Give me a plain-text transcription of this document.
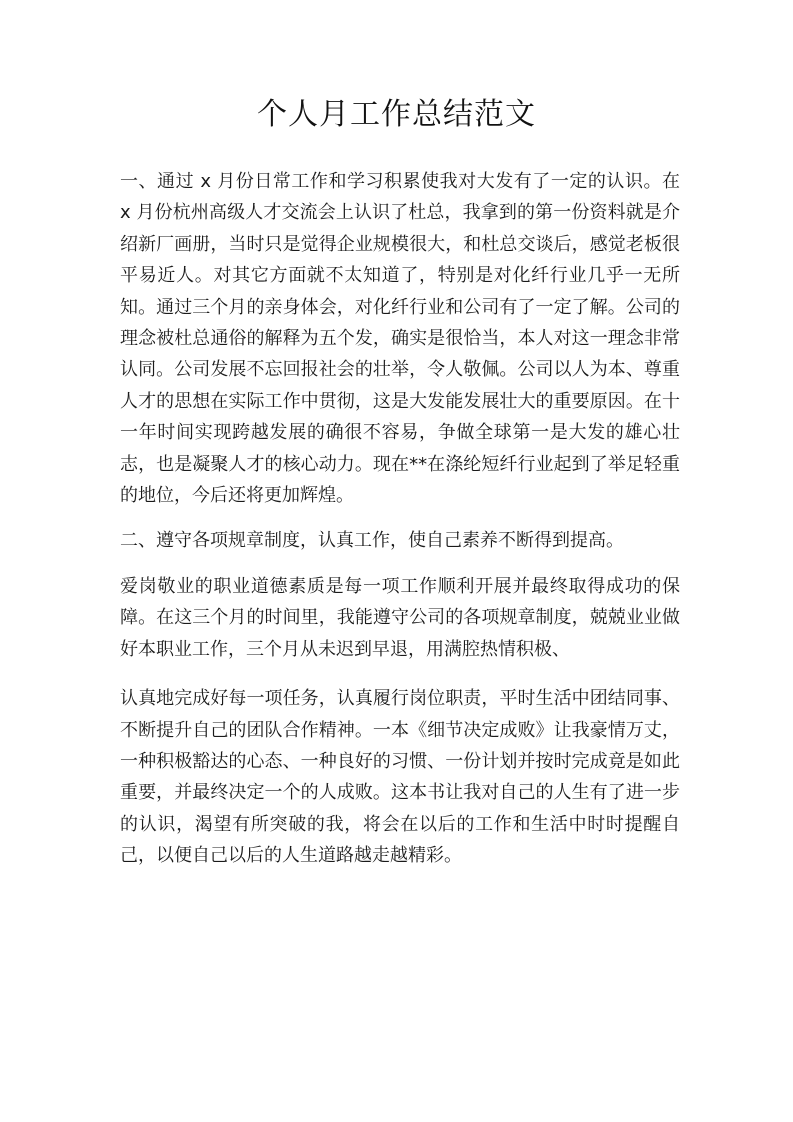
个人月工作总结范文

一、通过 x 月份日常工作和学习积累使我对大发有了一定的认识。在 x 月份杭州高级人才交流会上认识了杜总，我拿到的第一份资料就是介绍新厂画册，当时只是觉得企业规模很大，和杜总交谈后，感觉老板很平易近人。对其它方面就不太知道了，特别是对化纤行业几乎一无所知。通过三个月的亲身体会，对化纤行业和公司有了一定了解。公司的理念被杜总通俗的解释为五个发，确实是很恰当，本人对这一理念非常认同。公司发展不忘回报社会的壮举，令人敬佩。公司以人为本、尊重人才的思想在实际工作中贯彻，这是大发能发展壮大的重要原因。在十一年时间实现跨越发展的确很不容易，争做全球第一是大发的雄心壮志，也是凝聚人才的核心动力。现在**在涤纶短纤行业起到了举足轻重的地位，今后还将更加辉煌。

二、遵守各项规章制度，认真工作，使自己素养不断得到提高。

爱岗敬业的职业道德素质是每一项工作顺利开展并最终取得成功的保障。在这三个月的时间里，我能遵守公司的各项规章制度，兢兢业业做好本职业工作，三个月从未迟到早退，用满腔热情积极、

认真地完成好每一项任务，认真履行岗位职责，平时生活中团结同事、不断提升自己的团队合作精神。一本《细节决定成败》让我豪情万丈，一种积极豁达的心态、一种良好的习惯、一份计划并按时完成竟是如此重要，并最终决定一个的人成败。这本书让我对自己的人生有了进一步的认识，渴望有所突破的我，将会在以后的工作和生活中时时提醒自己，以便自己以后的人生道路越走越精彩。
